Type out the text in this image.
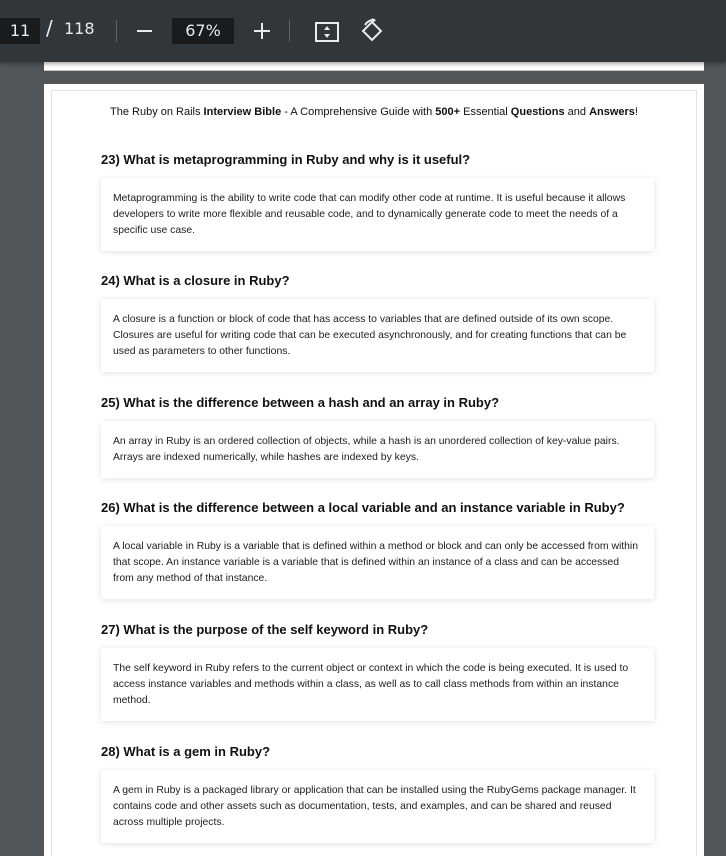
11 / 118	67%
The Ruby on Rails Interview Bible - A Comprehensive Guide with 500+ Essential Questions and Answers!
23) What is metaprogramming in Ruby and why is it useful?
Metaprogramming is the ability to write code that can modify other code at runtime. It is useful because it allows developers to write more flexible and reusable code, and to dynamically generate code to meet the needs of a specific use case.
24) What is a closure in Ruby?
A closure is a function or block of code that has access to variables that are defined outside of its own scope. Closures are useful for writing code that can be executed asynchronously, and for creating functions that can be used as parameters to other functions.
25) What is the difference between a hash and an array in Ruby?
An array in Ruby is an ordered collection of objects, while a hash is an unordered collection of key-value pairs. Arrays are indexed numerically, while hashes are indexed by keys.
26) What is the difference between a local variable and an instance variable in Ruby?
A local variable in Ruby is a variable that is defined within a method or block and can only be accessed from within that scope. An instance variable is a variable that is defined within an instance of a class and can be accessed from any method of that instance.
27) What is the purpose of the self keyword in Ruby?
The self keyword in Ruby refers to the current object or context in which the code is being executed. It is used to access instance variables and methods within a class, as well as to call class methods from within an instance method.
28) What is a gem in Ruby?
A gem in Ruby is a packaged library or application that can be installed using the RubyGems package manager. It contains code and other assets such as documentation, tests, and examples, and can be shared and reused across multiple projects.
